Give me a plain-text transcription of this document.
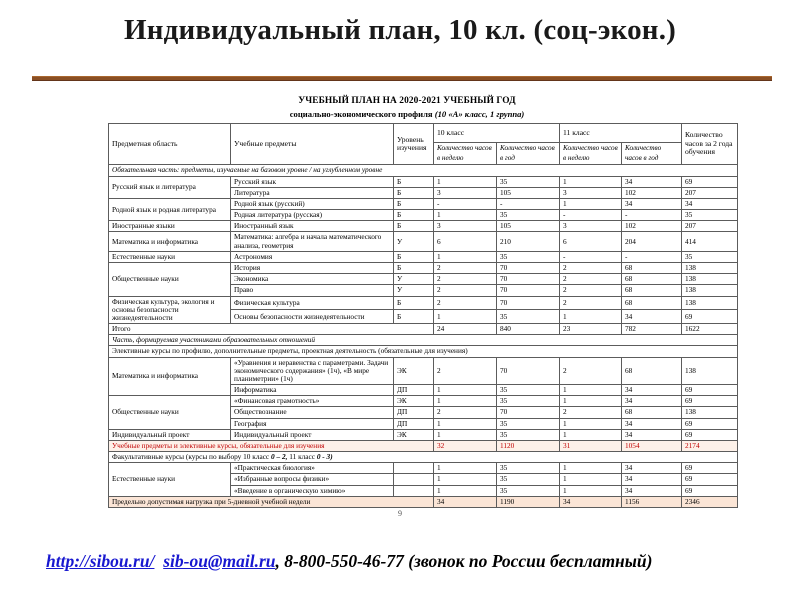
Индивидуальный план, 10 кл. (соц-экон.)
УЧЕБНЫЙ ПЛАН НА 2020-2021 УЧЕБНЫЙ ГОД
социально-экономического профиля (10 «А» класс, 1 группа)
Предметная область	Учебные предметы	Уровень изучения	10 класс		11 класс		Количество часов за 2 года обучения
			Количество часов в неделю	Количество часов в год	Количество часов в неделю	Количество часов в год	
Обязательная часть: предметы, изучаемые на базовом уровне / на углубленном уровне							
Русский язык и литература	Русский язык	Б	1	35	1	34	69
	Литература	Б	3	105	3	102	207
Родной язык и родная литература	Родной язык (русский)	Б	-	-	1	34	34
	Родная литература (русская)	Б	1	35	-	-	35
Иностранные языки	Иностранный язык	Б	3	105	3	102	207
Математика и информатика	Математика: алгебра и начала математического анализа, геометрия	У	6	210	6	204	414
Естественные науки	Астрономия	Б	1	35	-	-	35
Общественные науки	История	Б	2	70	2	68	138
	Экономика	У	2	70	2	68	138
	Право	У	2	70	2	68	138
Физическая культура, экология и основы безопасности жизнедеятельности	Физическая культура	Б	2	70	2	68	138
	Основы безопасности жизнедеятельности	Б	1	35	1	34	69
Итого			24	840	23	782	1622
Часть, формируемая участниками образовательных отношений							
Элективные курсы по профилю, дополнительные предметы, проектная деятельность (обязательные для изучения)							
Математика и информатика	«Уравнения и неравенства с параметрами. Задачи экономического содержания» (1ч), «В мире планиметрии» (1ч)	ЭК	2	70	2	68	138
	Информатика	ДП	1	35	1	34	69
Общественные науки	«Финансовая грамотность»	ЭК	1	35	1	34	69
	Обществознание	ДП	2	70	2	68	138
	География	ДП	1	35	1	34	69
Индивидуальный проект	Индивидуальный проект	ЭК	1	35	1	34	69
Учебные предметы и элективные курсы, обязательные для изучения			32	1120	31	1054	2174
Факультативные курсы (курсы по выбору 10 класс 0 – 2, 11 класс 0 - 3)							
Естественные науки	«Практическая биология»		1	35	1	34	69
	«Избранные вопросы физики»		1	35	1	34	69
	«Введение в органическую химию»		1	35	1	34	69
Предельно допустимая нагрузка при 5-дневной учебной недели			34	1190	34	1156	2346
9
http://sibou.ru/ sib-ou@mail.ru, 8-800-550-46-77 (звонок по России бесплатный)
